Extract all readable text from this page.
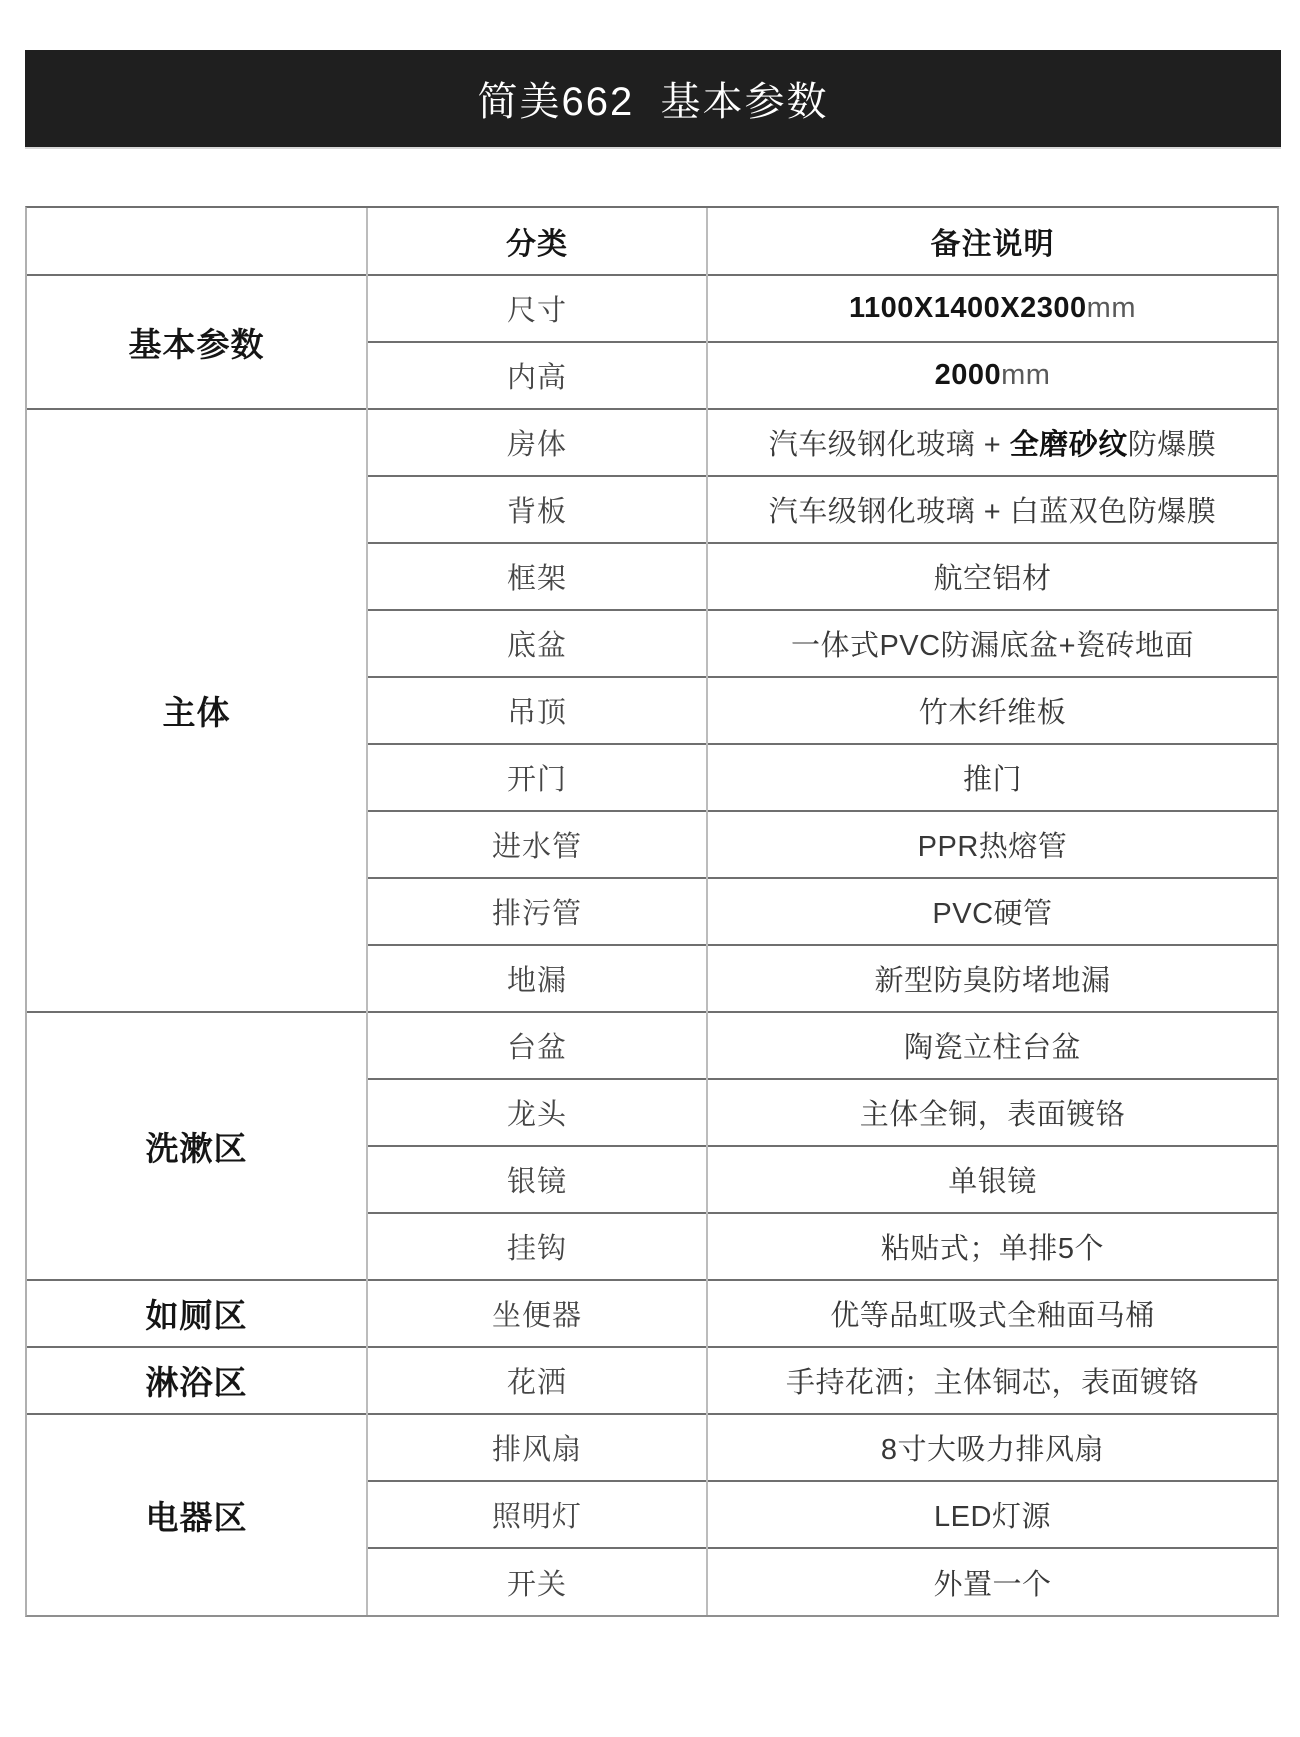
简美662  基本参数
	分类	备注说明
基本参数	尺寸	1100X1400X2300mm
	内高	2000mm
主体	房体	汽车级钢化玻璃 + 全磨砂纹防爆膜
	背板	汽车级钢化玻璃 + 白蓝双色防爆膜
	框架	航空铝材
	底盆	一体式PVC防漏底盆+瓷砖地面
	吊顶	竹木纤维板
	开门	推门
	进水管	PPR热熔管
	排污管	PVC硬管
	地漏	新型防臭防堵地漏
洗漱区	台盆	陶瓷立柱台盆
	龙头	主体全铜，表面镀铬
	银镜	单银镜
	挂钩	粘贴式；单排5个
如厕区	坐便器	优等品虹吸式全釉面马桶
淋浴区	花洒	手持花洒；主体铜芯，表面镀铬
电器区	排风扇	8寸大吸力排风扇
	照明灯	LED灯源
	开关	外置一个
